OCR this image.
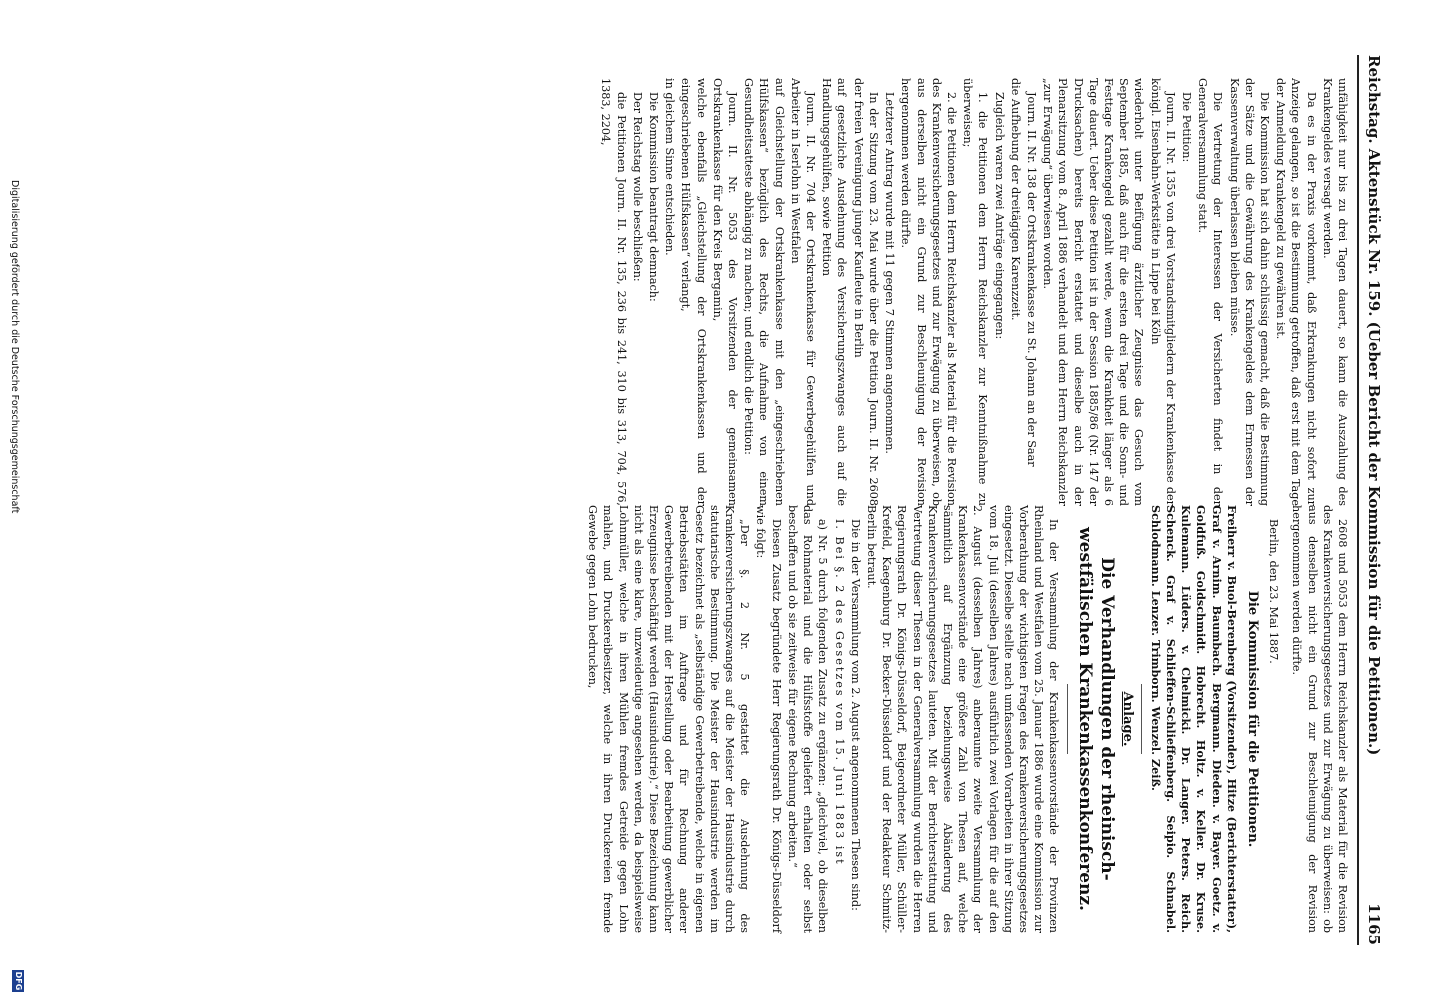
Reichstag. Aktenstück Nr. 159. (Ueber Bericht der Kommission für die Petitionen.)
1165

unfähigkeit nur bis zu drei Tagen dauert, so kann die Auszahlung des Krankengeldes versagt werden.

Da es in der Praxis vorkommt, daß Erkrankungen nicht sofort zur Anzeige gelangen, so ist die Bestimmung getroffen, daß erst mit dem Tage der Anmeldung Krankengeld zu gewähren ist.

Die Kommission hat sich dahin schlüssig gemacht, daß die Bestimmung der Sätze und die Gewährung des Krankengeldes dem Ermessen der Kassenverwaltung überlassen bleiben müsse.

Die Vertretung der Interessen der Versicherten findet in der Generalversammlung statt.

Die Petition:

Journ. II. Nr. 1355 von drei Vorstandsmitgliedern der Krankenkasse der königl. Eisenbahn-Werkstätte in Lippe bei Köln

wiederholt unter Beifügung ärztlicher Zeugnisse das Gesuch vom September 1885, daß auch für die ersten drei Tage und die Sonn- und Festtage Krankengeld gezahlt werde, wenn die Krankheit länger als 6 Tage dauert. Ueber diese Petition ist in der Session 1885/86 (Nr. 147 der Drucksachen) bereits Bericht erstattet und dieselbe auch in der Plenarsitzung vom 8. April 1886 verhandelt und dem Herrn Reichskanzler „zur Erwägung“ überwiesen worden.

Journ. II. Nr. 138 der Ortskrankenkasse zu St. Johann an der Saar

die Aufhebung der dreitägigen Karenzzeit.

Zugleich waren zwei Anträge eingegangen:

1. die Petitionen dem Herrn Reichskanzler zur Kenntnißnahme zu überweisen;

2. die Petitionen dem Herrn Reichskanzler als Material für die Revision des Krankenversicherungsgesetzes und zur Erwägung zu überweisen, ob aus derselben nicht ein Grund zur Beschleunigung der Revision hergenommen werden dürfte.

Letzterer Antrag wurde mit 11 gegen 7 Stimmen angenommen.

In der Sitzung vom 23. Mai wurde über die Petition Journ. II. Nr. 2608 der freien Vereinigung junger Kaufleute in Berlin

auf gesetzliche Ausdehnung des Versicherungszwanges auch auf die Handlungsgehülfen, sowie Petition

Journ. II. Nr. 704 der Ortskrankenkasse für Gewerbegehülfen und Arbeiter in Iserlohn in Westfalen

auf Gleichstellung der Ortskrankenkasse mit den „eingeschriebenen Hülfskassen“ bezüglich des Rechts, die Aufnahme von einem Gesundheitsatteste abhängig zu machen; und endlich die Petition:

Journ. II. Nr. 5053 des Vorsitzenden der gemeinsamen Ortskrankenkasse für den Kreis Bergamin,

welche ebenfalls „Gleichstellung der Ortskrankenkassen und der eingeschriebenen Hülfskassen“ verlangt,

in gleichem Sinne entschieden.

Die Kommission beantragt demnach:

Der Reichstag wolle beschließen:

die Petitionen Journ. II. Nr. 135, 236 bis 241, 310 bis 313, 704, 576, 1383, 2204,

2608 und 5053 dem Herrn Reichskanzler als Material für die Revision des Krankenversicherungsgesetzes und zur Erwägung zu überweisen: ob aus denselben nicht ein Grund zur Beschleunigung der Revision hergenommen werden dürfte.

Berlin, den 23. Mai 1887.

Die Kommission für die Petitionen.

Freiherr v. Buol-Berenberg (Vorsitzender), Hitze (Berichterstatter), Graf v. Arnim. Baumbach. Bergmann. Dieden. v. Bayer. Goetz. v. Goldfuß. Goldschmidt. Hobrecht. Holtz. v. Keller. Dr. Kruse. Kulemann. Lüders. v. Chelmicki. Dr. Langer. Peters. Reich. Schenck. Graf v. Schlieffen-Schlieffenberg. Seipio. Schnabel. Schlodmann. Lenzer. Trimborn. Wenzel. Zeiß.

Anlage.

Die Verhandlungen der rheinisch-westfälischen Krankenkassenkonferenz.

In der Versammlung der Krankenkassenvorstände der Provinzen Rheinland und Westfalen vom 25. Januar 1886 wurde eine Kommission zur Vorberathung der wichtigsten Fragen des Krankenversicherungsgesetzes eingesetzt. Dieselbe stellte nach umfassenden Vorarbeiten in ihrer Sitzung vom 18. Juli (desselben Jahres) ausführlich zwei Vorlagen für die auf den 2. August (desselben Jahres) anberaumte zweite Versammlung der Krankenkassenvorstände eine größere Zahl von Thesen auf, welche sämmtlich auf Ergänzung beziehungsweise Abänderung des Krankenversicherungsgesetzes lauteten. Mit der Berichterstattung und Vertretung dieser Thesen in der Generalversammlung wurden die Herren Regierungsrath Dr. Königs-Düsseldorf, Beigeordneter Müller, Schüller-Krefeld, Kaegenburg Dr. Becker-Düsseldorf und der Redakteur Schmitz-Berlin betraut.

Die in der Versammlung vom 2. August angenommenen Thesen sind:

I. Bei §. 2 des Gesetzes vom 15. Juni 1883 ist

a) Nr. 5 durch folgenden Zusatz zu ergänzen: „gleichviel, ob dieselben das Rohmaterial und die Hülfsstoffe geliefert erhalten oder selbst beschaffen und ob sie zeitweise für eigene Rechnung arbeiten.“

Diesen Zusatz begründete Herr Regierungsrath Dr. Königs-Düsseldorf wie folgt:

„Der §. 2 Nr. 5 gestattet die Ausdehnung des Krankenversicherungszwanges auf die Meister der Hausindustrie durch statutarische Bestimmung. Die Meister der Hausindustrie werden im Gesetz bezeichnet als „selbständige Gewerbetreibende, welche in eigenen Betriebsstätten im Auftrage und für Rechnung anderer Gewerbetreibenden mit der Herstellung oder Bearbeitung gewerblicher Erzeugnisse beschäftigt werden (Hausindustrie).“ Diese Bezeichnung kann nicht als eine klare, unzweideutige angesehen werden, da beispielsweise Lohnmüller, welche in ihren Mühlen fremdes Getreide gegen Lohn mahlen, und Druckereibesitzer, welche in ihren Druckereien fremde Gewebe gegen Lohn bedrucken,

Digitalisierung gefördert durch die Deutsche Forschungsgemeinschaft
DFG
